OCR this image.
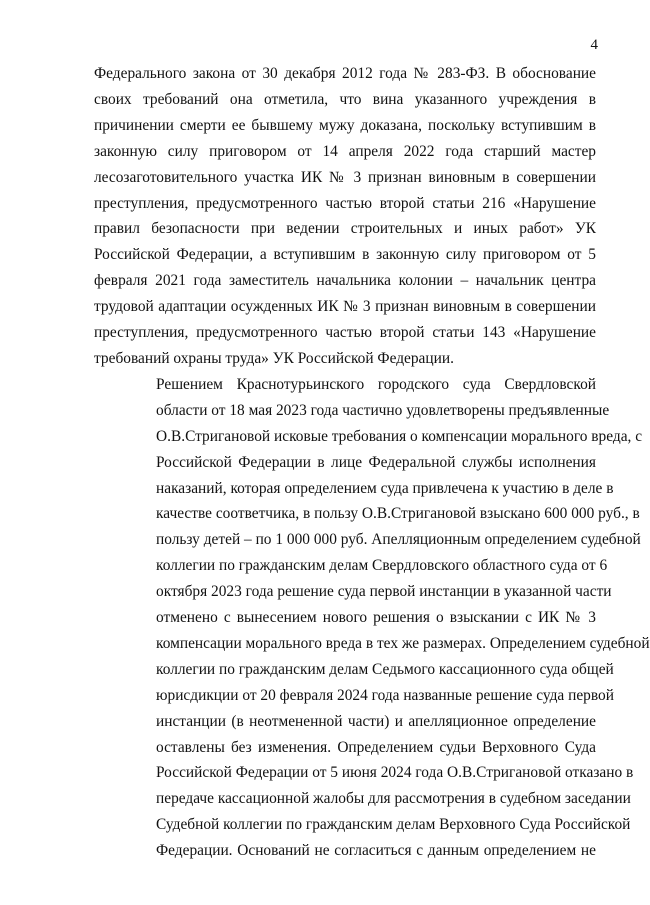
4

Федерального закона от 30 декабря 2012 года № 283-ФЗ. В обоснование
своих требований она отметила, что вина указанного учреждения в
причинении смерти ее бывшему мужу доказана, поскольку вступившим в
законную силу приговором от 14 апреля 2022 года старший мастер
лесозаготовительного участка ИК № 3 признан виновным в совершении
преступления, предусмотренного частью второй статьи 216 «Нарушение
правил безопасности при ведении строительных и иных работ» УК
Российской Федерации, а вступившим в законную силу приговором от 5
февраля 2021 года заместитель начальника колонии – начальник центра
трудовой адаптации осужденных ИК № 3 признан виновным в совершении
преступления, предусмотренного частью второй статьи 143 «Нарушение
требований охраны труда» УК Российской Федерации.

Решением Краснотурьинского городского суда Свердловской
области от 18 мая 2023 года частично удовлетворены предъявленные
О.В.Стригановой исковые требования о компенсации морального вреда, с
Российской Федерации в лице Федеральной службы исполнения
наказаний, которая определением суда привлечена к участию в деле в
качестве соответчика, в пользу О.В.Стригановой взыскано 600 000 руб., в
пользу детей – по 1 000 000 руб. Апелляционным определением судебной
коллегии по гражданским делам Свердловского областного суда от 6
октября 2023 года решение суда первой инстанции в указанной части
отменено с вынесением нового решения о взыскании с ИК № 3
компенсации морального вреда в тех же размерах. Определением судебной
коллегии по гражданским делам Седьмого кассационного суда общей
юрисдикции от 20 февраля 2024 года названные решение суда первой
инстанции (в неотмененной части) и апелляционное определение
оставлены без изменения. Определением судьи Верховного Суда
Российской Федерации от 5 июня 2024 года О.В.Стригановой отказано в
передаче кассационной жалобы для рассмотрения в судебном заседании
Судебной коллегии по гражданским делам Верховного Суда Российской
Федерации. Оснований не согласиться с данным определением не
